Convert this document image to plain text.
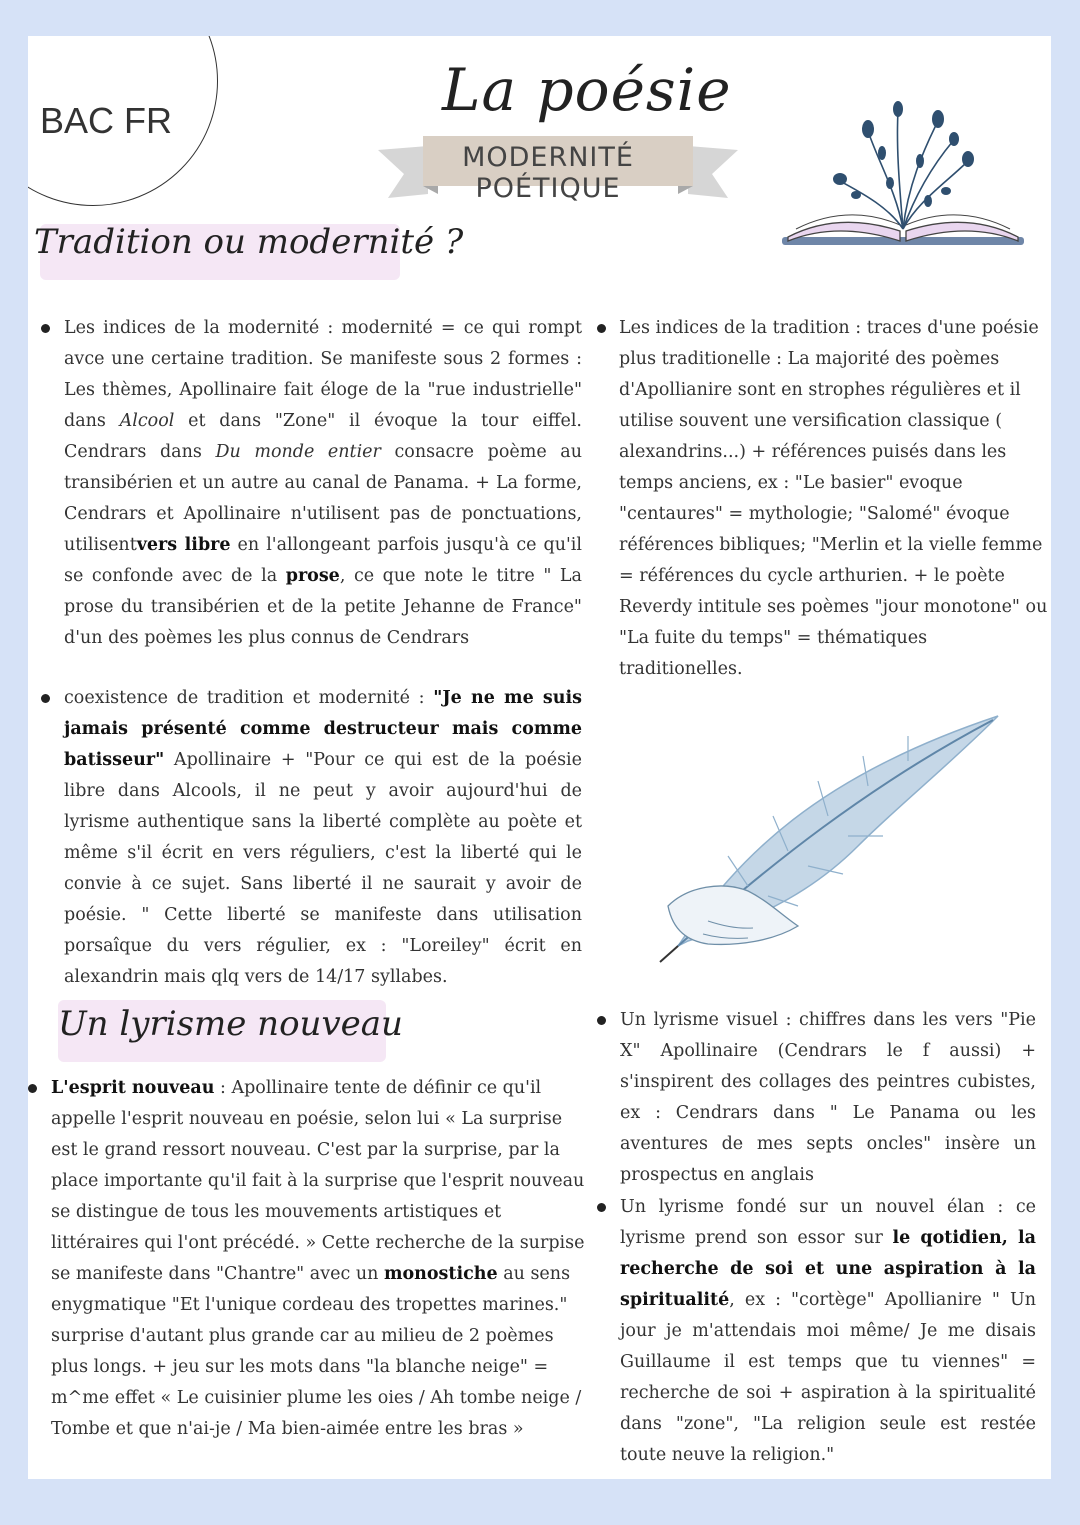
BAC FR	La poésie
MODERNITÉ POÉTIQUE
Tradition ou modernité ?

Les indices de la modernité : modernité = ce qui rompt avce une certaine tradition. Se manifeste sous 2 formes : Les thèmes, Apollinaire fait éloge de la "rue industrielle" dans Alcool et dans "Zone" il évoque la tour eiffel. Cendrars dans Du monde entier consacre poème au transibérien et un autre au canal de Panama. + La forme, Cendrars et Apollinaire n'utilisent pas de ponctuations, utilisentvers libre en l'allongeant parfois jusqu'à ce qu'il se confonde avec de la prose, ce que note le titre " La prose du transibérien et de la petite Jehanne de France" d'un des poèmes les plus connus de Cendrars

Les indices de la tradition : traces d'une poésie plus traditionelle : La majorité des poèmes d'Apollianire sont en strophes régulières et il utilise souvent une versification classique ( alexandrins...) + références puisés dans les temps anciens, ex : "Le basier" evoque "centaures" = mythologie; "Salomé" évoque références bibliques; "Merlin et la vielle femme = références du cycle arthurien. + le poète Reverdy intitule ses poèmes "jour monotone" ou "La fuite du temps" = thématiques traditionelles.

coexistence de tradition et modernité : "Je ne me suis jamais présenté comme destructeur mais comme batisseur" Apollinaire + "Pour ce qui est de la poésie libre dans Alcools, il ne peut y avoir aujourd'hui de lyrisme authentique sans la liberté complète au poète et même s'il écrit en vers réguliers, c'est la liberté qui le convie à ce sujet. Sans liberté il ne saurait y avoir de poésie. " Cette liberté se manifeste dans utilisation porsaîque du vers régulier, ex : "Loreiley" écrit en alexandrin mais qlq vers de 14/17 syllabes.

Un lyrisme nouveau

L'esprit nouveau : Apollinaire tente de définir ce qu'il appelle l'esprit nouveau en poésie, selon lui « La surprise est le grand ressort nouveau. C'est par la surprise, par la place importante qu'il fait à la surprise que l'esprit nouveau se distingue de tous les mouvements artistiques et littéraires qui l'ont précédé. » Cette recherche de la surpise se manifeste dans "Chantre" avec un monostiche au sens enygmatique "Et l'unique cordeau des tropettes marines." surprise d'autant plus grande car au milieu de 2 poèmes plus longs. + jeu sur les mots dans "la blanche neige" = m^me effet « Le cuisinier plume les oies / Ah tombe neige / Tombe et que n'ai-je / Ma bien-aimée entre les bras »

Un lyrisme visuel : chiffres dans les vers "Pie X" Apollinaire (Cendrars le f aussi) + s'inspirent des collages des peintres cubistes, ex : Cendrars dans " Le Panama ou les aventures de mes septs oncles" insère un prospectus en anglais

Un lyrisme fondé sur un nouvel élan : ce lyrisme prend son essor sur le qotidien, la recherche de soi et une aspiration à la spiritualité, ex : "cortège" Apollianire " Un jour je m'attendais moi même/ Je me disais Guillaume il est temps que tu viennes" = recherche de soi + aspiration à la spiritualité dans "zone", "La religion seule est restée toute neuve la religion."
